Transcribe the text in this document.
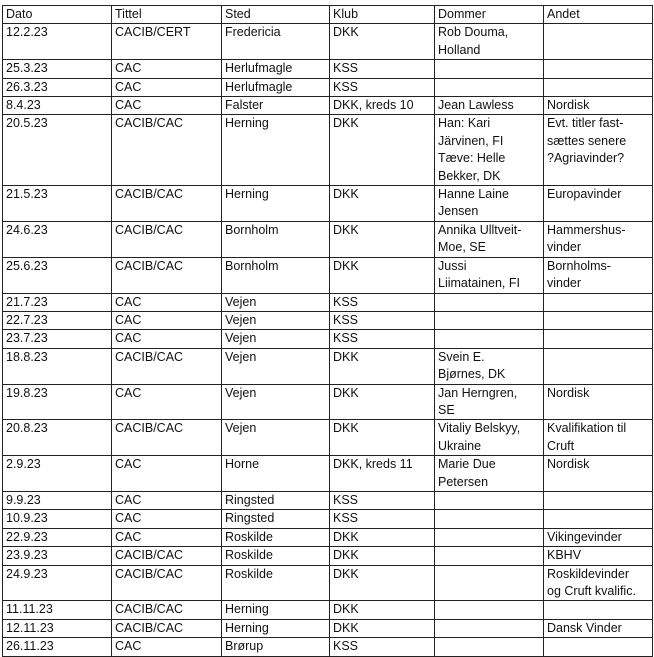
Dato	Tittel	Sted	Klub	Dommer	Andet
12.2.23	CACIB/CERT	Fredericia	DKK	Rob Douma,
Holland	
25.3.23	CAC	Herlufmagle	KSS		
26.3.23	CAC	Herlufmagle	KSS		
8.4.23	CAC	Falster	DKK, kreds 10	Jean Lawless	Nordisk
20.5.23	CACIB/CAC	Herning	DKK	Han: Kari
Järvinen, FI
Tæve: Helle
Bekker, DK	Evt. titler fast-
sættes senere
?Agriavinder?
21.5.23	CACIB/CAC	Herning	DKK	Hanne Laine
Jensen	Europavinder
24.6.23	CACIB/CAC	Bornholm	DKK	Annika Ulltveit-
Moe, SE	Hammershus-
vinder
25.6.23	CACIB/CAC	Bornholm	DKK	Jussi
Liimatainen, FI	Bornholms-
vinder
21.7.23	CAC	Vejen	KSS		
22.7.23	CAC	Vejen	KSS		
23.7.23	CAC	Vejen	KSS		
18.8.23	CACIB/CAC	Vejen	DKK	Svein E.
Bjørnes, DK	
19.8.23	CAC	Vejen	DKK	Jan Herngren,
SE	Nordisk
20.8.23	CACIB/CAC	Vejen	DKK	Vitaliy Belskyy,
Ukraine	Kvalifikation til
Cruft
2.9.23	CAC	Horne	DKK, kreds 11	Marie Due
Petersen	Nordisk
9.9.23	CAC	Ringsted	KSS		
10.9.23	CAC	Ringsted	KSS		
22.9.23	CAC	Roskilde	DKK		Vikingevinder
23.9.23	CACIB/CAC	Roskilde	DKK		KBHV
24.9.23	CACIB/CAC	Roskilde	DKK		Roskildevinder
og Cruft kvalific.
11.11.23	CACIB/CAC	Herning	DKK		
12.11.23	CACIB/CAC	Herning	DKK		Dansk Vinder
26.11.23	CAC	Brørup	KSS		
